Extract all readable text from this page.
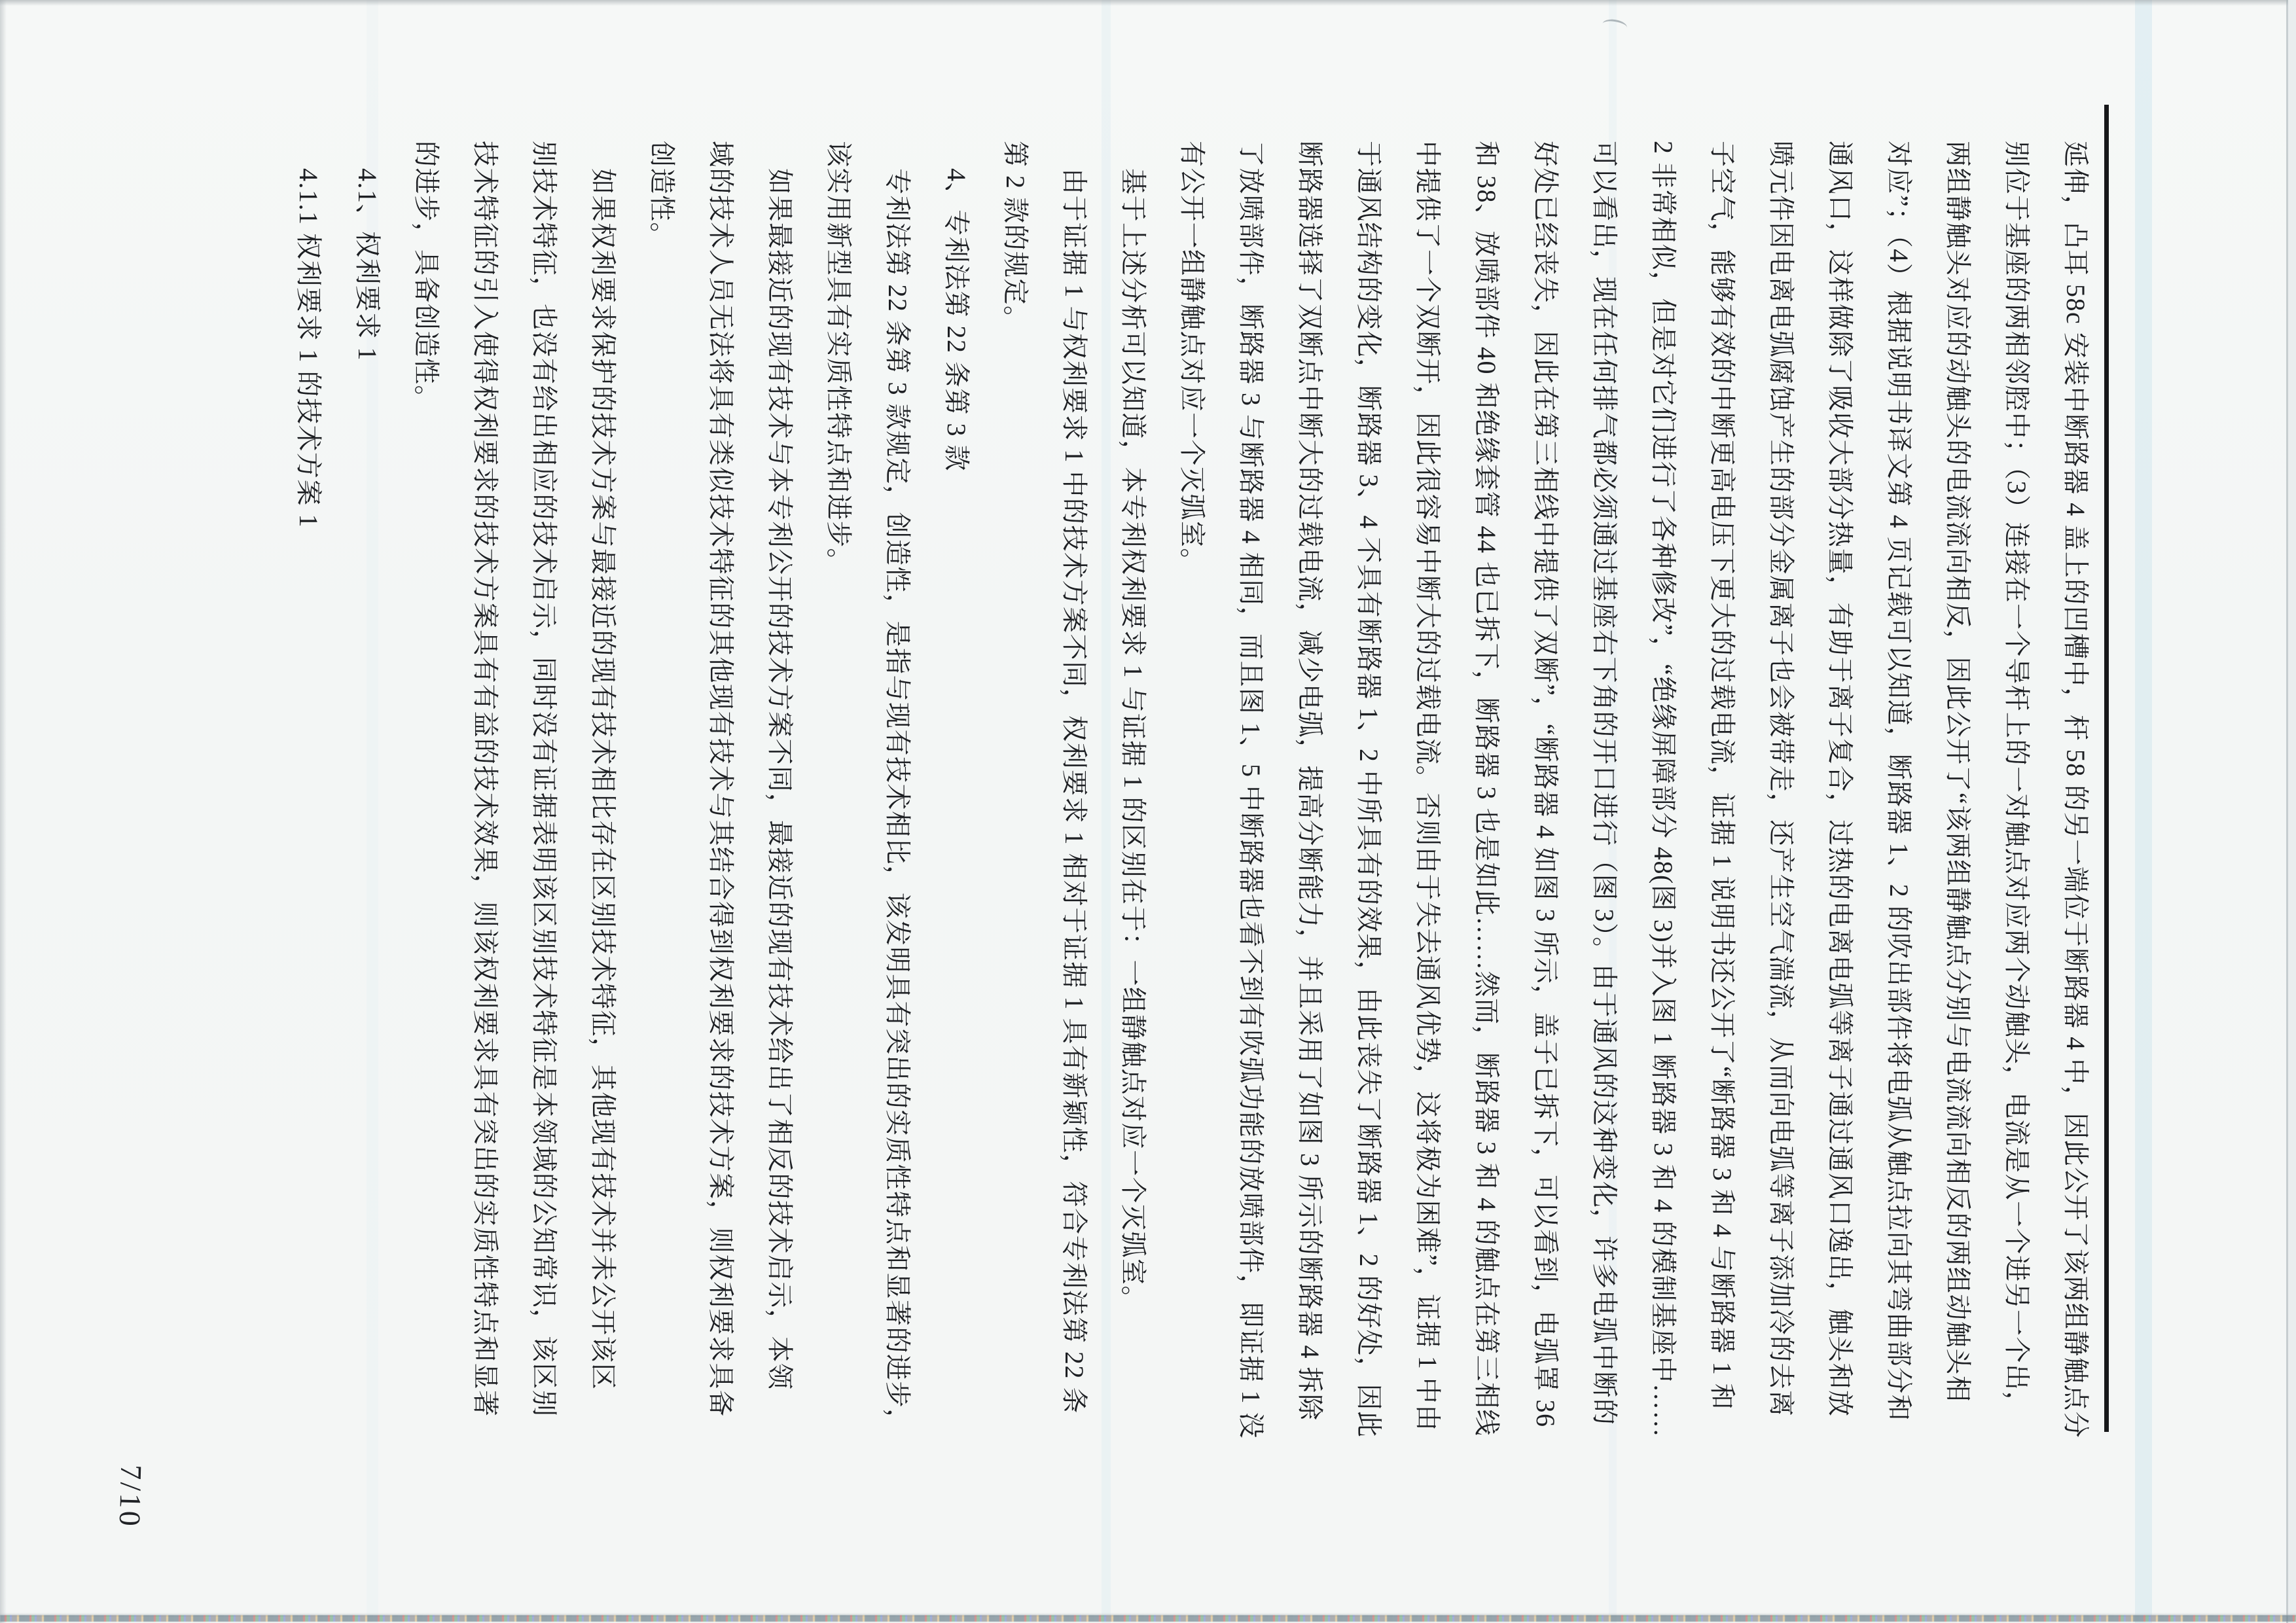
延伸，凸耳 58c 安装中断路器 4 盖上的凹槽中，杆 58 的另一端位于断路器 4 中，因此公开了该两组静触点分
别位于基座的两相邻腔中；（3）连接在一个导杆上的一对触点对应两个动触头，电流是从一个进另一个出，
两组静触头对应的动触头的电流流向相反，因此公开了“该两组静触点分别与电流流向相反的两组动触头相
对应”；（4）根据说明书译文第 4 页记载可以知道，断路器 1、2 的吹出部件将电弧从触点拉向其弯曲部分和
通风口，这样做除了吸收大部分热量，有助于离子复合，过热的电离电弧等离子通过通风口逸出，触头和放
喷元件因电离电弧腐蚀产生的部分金属离子也会被带走，还产生空气湍流，从而向电弧等离子添加冷的去离
子空气，能够有效的中断更高电压下更大的过载电流，证据 1 说明书还公开了“断路器 3 和 4 与断路器 1 和
2 非常相似，但是对它们进行了各种修改”，“绝缘屏障部分 48(图 3)并入图 1 断路器 3 和 4 的模制基座中……
可以看出，现在任何排气都必须通过基座右下角的开口进行（图 3）。由于通风的这种变化，许多电弧中断的
好处已经丧失，因此在第三相线中提供了双断”，“断路器 4 如图 3 所示，盖子已拆下，可以看到，电弧罩 36
和 38、放喷部件 40 和绝缘套管 44 也已拆下，断路器 3 也是如此……然而，断路器 3 和 4 的触点在第三相线
中提供了一个双断开，因此很容易中断大的过载电流。否则由于失去通风优势，这将极为困难”，证据 1 中由
于通风结构的变化，断路器 3、4 不具有断路器 1、2 中所具有的效果，由此丧失了断路器 1、2 的好处，因此
断路器选择了双断点中断大的过载电流，减少电弧，提高分断能力，并且采用了如图 3 所示的断路器 4 拆除
了放喷部件，断路器 3 与断路器 4 相同，而且图 1、5 中断路器也看不到有吹弧功能的放喷部件，即证据 1 没
有公开一组静触点对应一个灭弧室。
基于上述分析可以知道，本专利权利要求 1 与证据 1 的区别在于：一组静触点对应一个灭弧室。
由于证据 1 与权利要求 1 中的技术方案不同，权利要求 1 相对于证据 1 具有新颖性，符合专利法第 22 条
第 2 款的规定。
4、专利法第 22 条第 3 款
专利法第 22 条第 3 款规定，创造性，是指与现有技术相比，该发明具有突出的实质性特点和显著的进步，
该实用新型具有实质性特点和进步。
如果最接近的现有技术与本专利公开的技术方案不同，最接近的现有技术给出了相反的技术启示，本领
域的技术人员无法将具有类似技术特征的其他现有技术与其结合得到权利要求的技术方案，则权利要求具备
创造性。
如果权利要求保护的技术方案与最接近的现有技术相比存在区别技术特征，其他现有技术并未公开该区
别技术特征，也没有给出相应的技术启示，同时没有证据表明该区别技术特征是本领域的公知常识，该区别
技术特征的引入使得权利要求的技术方案具有有益的技术效果，则该权利要求具有突出的实质性特点和显著
的进步，具备创造性。
4.1、权利要求 1
4.1.1 权利要求 1 的技术方案 1
7/10
